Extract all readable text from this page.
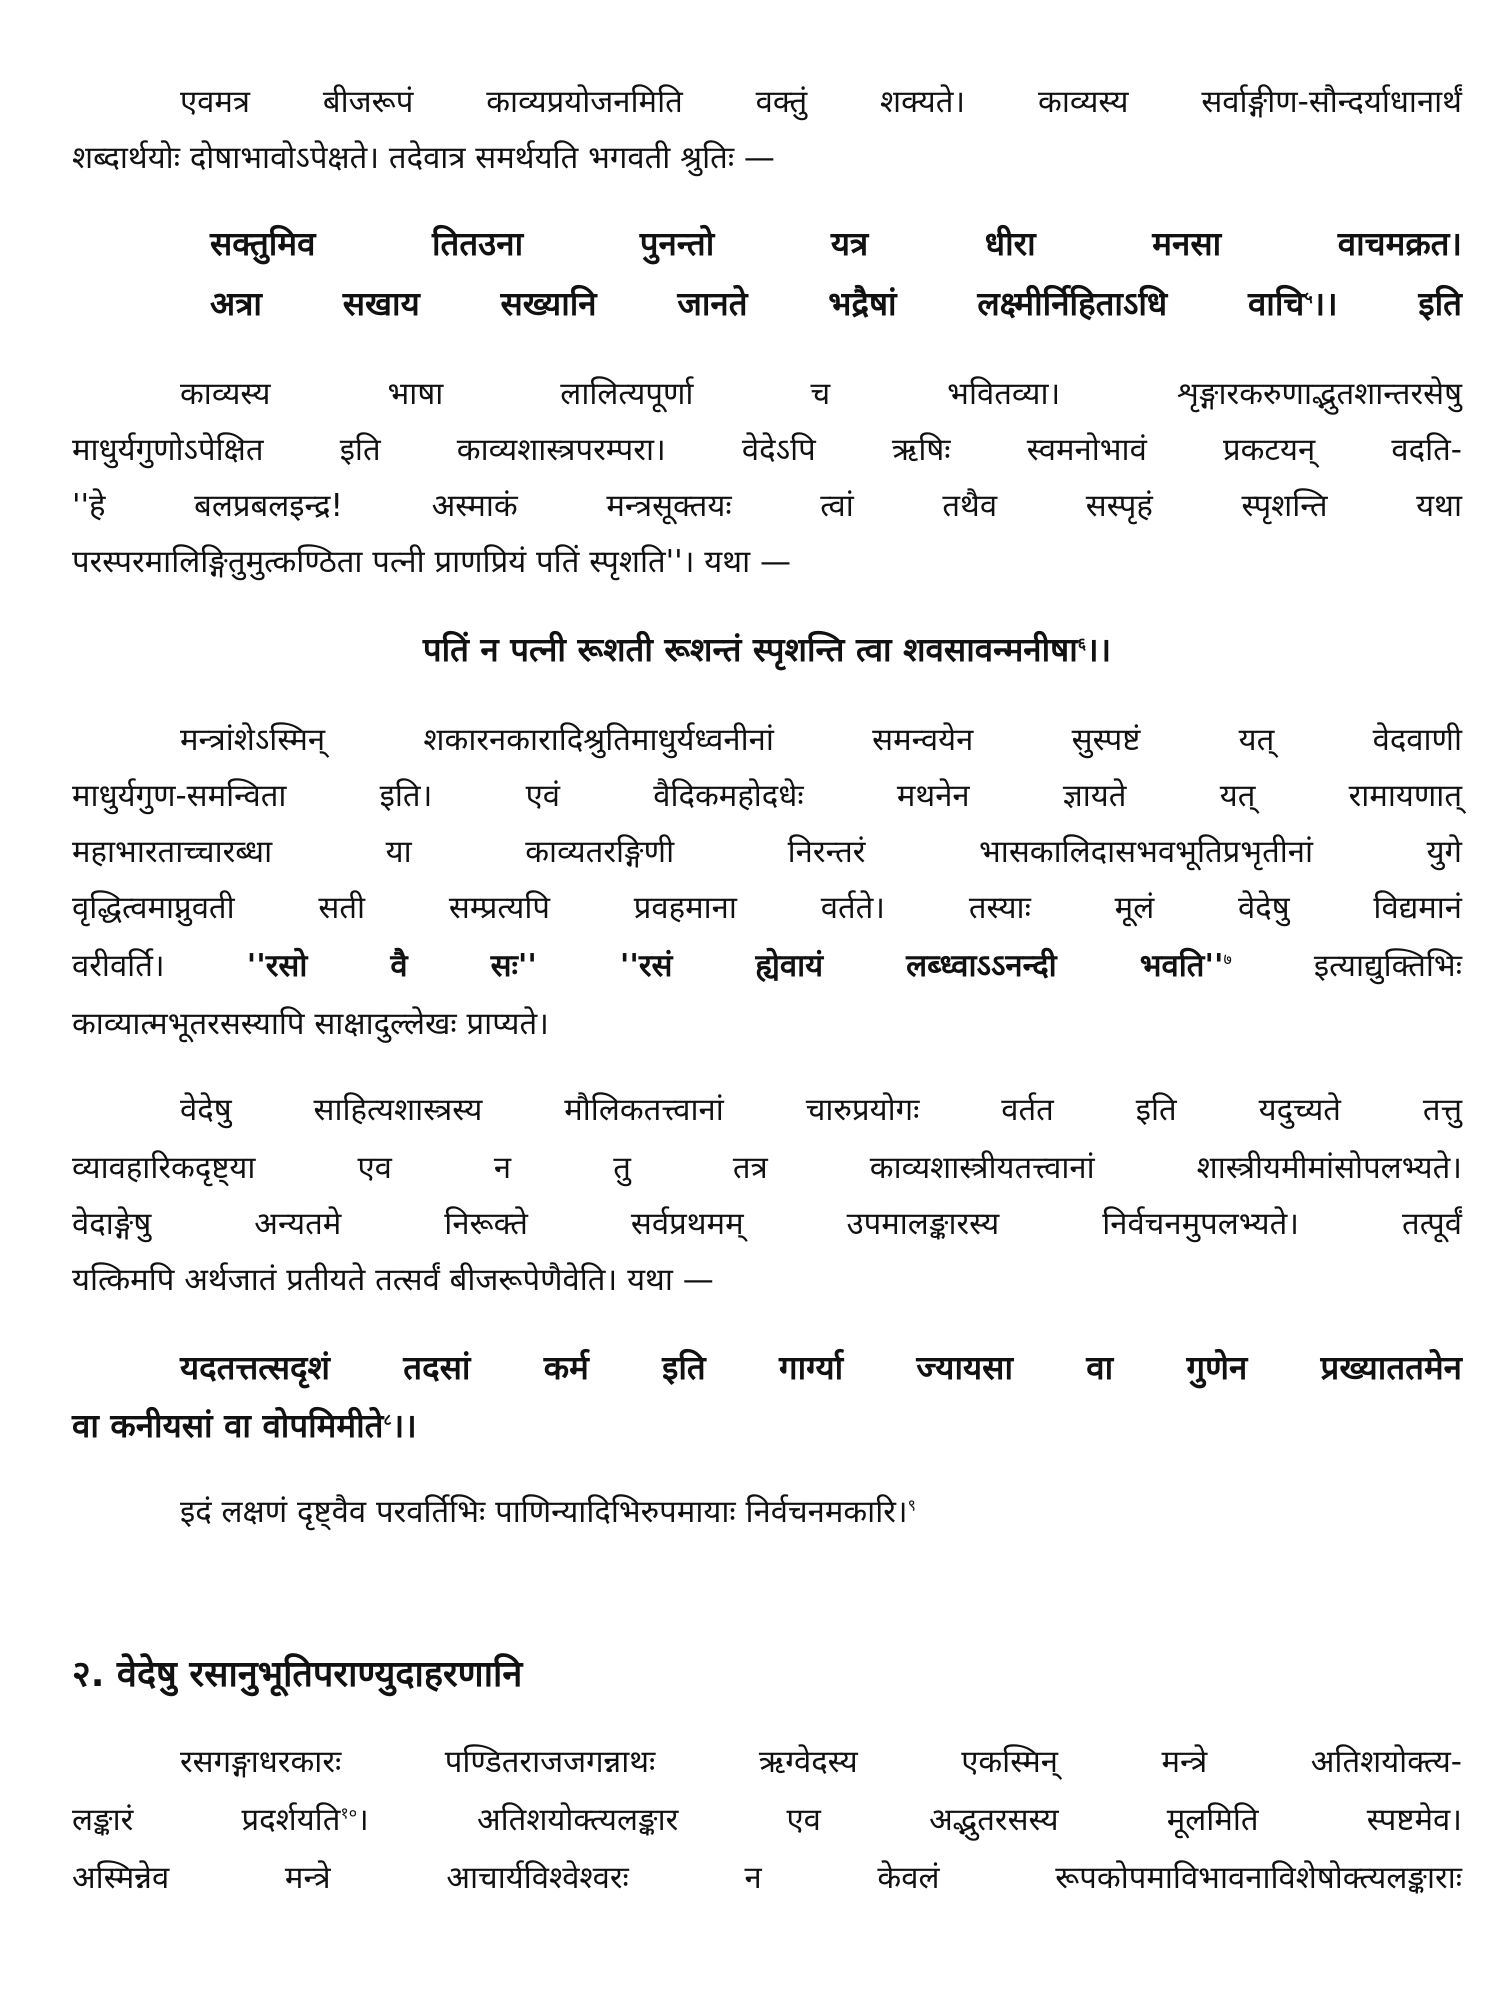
एवमत्र बीजरूपं काव्यप्रयोजनमिति वक्तुं शक्यते। काव्यस्य सर्वाङ्गीण-सौन्दर्याधानार्थं
शब्दार्थयोः दोषाभावोऽपेक्षते। तदेवात्र समर्थयति भगवती श्रुतिः —
सक्तुमिव तितउना पुनन्तो यत्र धीरा मनसा वाचमक्रत।
अत्रा सखाय सख्यानि जानते भद्रैषां लक्ष्मीर्निहिताऽधि वाचि$^५$।। इति
काव्यस्य भाषा लालित्यपूर्णा च भवितव्या। शृङ्गारकरुणाद्भुतशान्तरसेषु
माधुर्यगुणोऽपेक्षित इति काव्यशास्त्रपरम्परा। वेदेऽपि ऋषिः स्वमनोभावं प्रकटयन् वदति-
''हे बलप्रबलइन्द्र! अस्माकं मन्त्रसूक्तयः त्वां तथैव सस्पृहं स्पृशन्ति यथा
परस्परमालिङ्गितुमुत्कण्ठिता पत्नी प्राणप्रियं पतिं स्पृशति''। यथा —
पतिं न पत्नी रूशती रूशन्तं स्पृशन्ति त्वा शवसावन्मनीषा$^६$।।
मन्त्रांशेऽस्मिन् शकारनकारादिश्रुतिमाधुर्यध्वनीनां समन्वयेन सुस्पष्टं यत् वेदवाणी
माधुर्यगुण-समन्विता इति। एवं वैदिकमहोदधेः मथनेन ज्ञायते यत् रामायणात्
महाभारताच्चारब्धा या काव्यतरङ्गिणी निरन्तरं भासकालिदासभवभूतिप्रभृतीनां युगे
वृद्धित्वमाप्नुवती सती सम्प्रत्यपि प्रवहमाना वर्तते। तस्याः मूलं वेदेषु विद्यमानं
वरीवर्ति।	''रसो वै सः'' ''रसं ह्येवायं लब्ध्वाऽऽनन्दी $भवति''^७$	इत्याद्युक्तिभिः
काव्यात्मभूतरसस्यापि साक्षादुल्लेखः प्राप्यते।
वेदेषु साहित्यशास्त्रस्य मौलिकतत्त्वानां चारुप्रयोगः वर्तत इति यदुच्यते तत्तु
व्यावहारिकदृष्ट्या एव न तु तत्र काव्यशास्त्रीयतत्त्वानां शास्त्रीयमीमांसोपलभ्यते।
वेदाङ्गेषु अन्यतमे निरूक्ते सर्वप्रथमम् उपमालङ्कारस्य निर्वचनमुपलभ्यते। तत्पूर्वं
यत्किमपि अर्थजातं प्रतीयते तत्सर्वं बीजरूपेणैवेति। यथा —
यदतत्तत्सदृशं तदसां कर्म इति गार्ग्या ज्यायसा वा गुणेन प्रख्याततमेन
वा कनीयसां वा वोपमिमीते$^८$।।
इदं लक्षणं दृष्ट्वैव परवर्तिभिः पाणिन्यादिभिरुपमायाः निर्वचनमकारि।$^९$
२. वेदेषु रसानुभूतिपराण्युदाहरणानि
रसगङ्गाधरकारः पण्डितराजजगन्नाथः ऋग्वेदस्य एकस्मिन् मन्त्रे अतिशयोक्त्य-
लङ्कारं प्रदर्शयति$^{१०}$। अतिशयोक्त्यलङ्कार एव अद्भुतरसस्य मूलमिति स्पष्टमेव।
अस्मिन्नेव मन्त्रे आचार्यविश्वेश्वरः न केवलं रूपकोपमाविभावनाविशेषोक्त्यलङ्काराः
